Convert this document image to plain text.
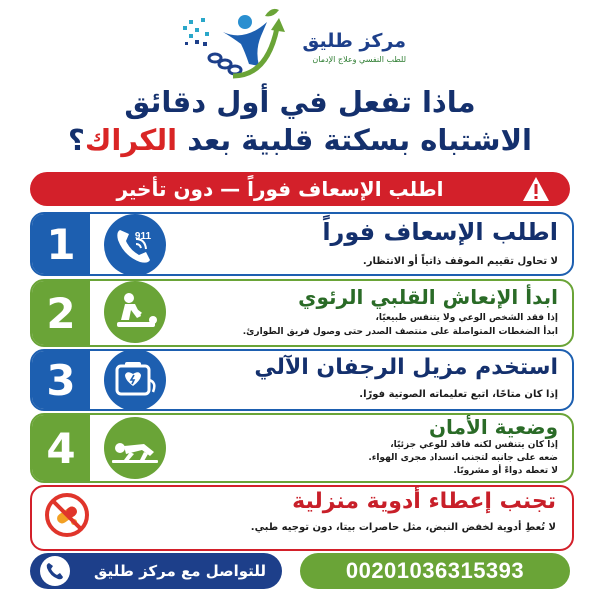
مركز طليق
للطب النفسي وعلاج الإدمان
ماذا تفعل في أول دقائق
الاشتباه بسكتة قلبية بعد الكراك؟
اطلب الإسعاف فوراً — دون تأخير
1	911	اطلب الإسعاف فوراً
لا تحاول تقييم الموقف ذاتياً أو الانتظار.
2	ابدأ الإنعاش القلبي الرئوي
إذا فقد الشخص الوعي ولا يتنفس طبيعيًا،
ابدأ الضغطات المتواصلة على منتصف الصدر حتى وصول فريق الطوارئ.
3	استخدم مزيل الرجفان الآلي
إذا كان متاحًا، اتبع تعليماته الصوتية فورًا.
4	وضعية الأمان
إذا كان يتنفس لكنه فاقد للوعي جزئيًا،
ضعه على جانبه لتجنب انسداد مجرى الهواء.
لا تعطه دواءً أو مشروبًا.
تجنب إعطاء أدوية منزلية
لا تُعطِ أدوية لخفض النبض، مثل حاصرات بيتا، دون توجيه طبي.
للتواصل مع مركز طليق	00201036315393
